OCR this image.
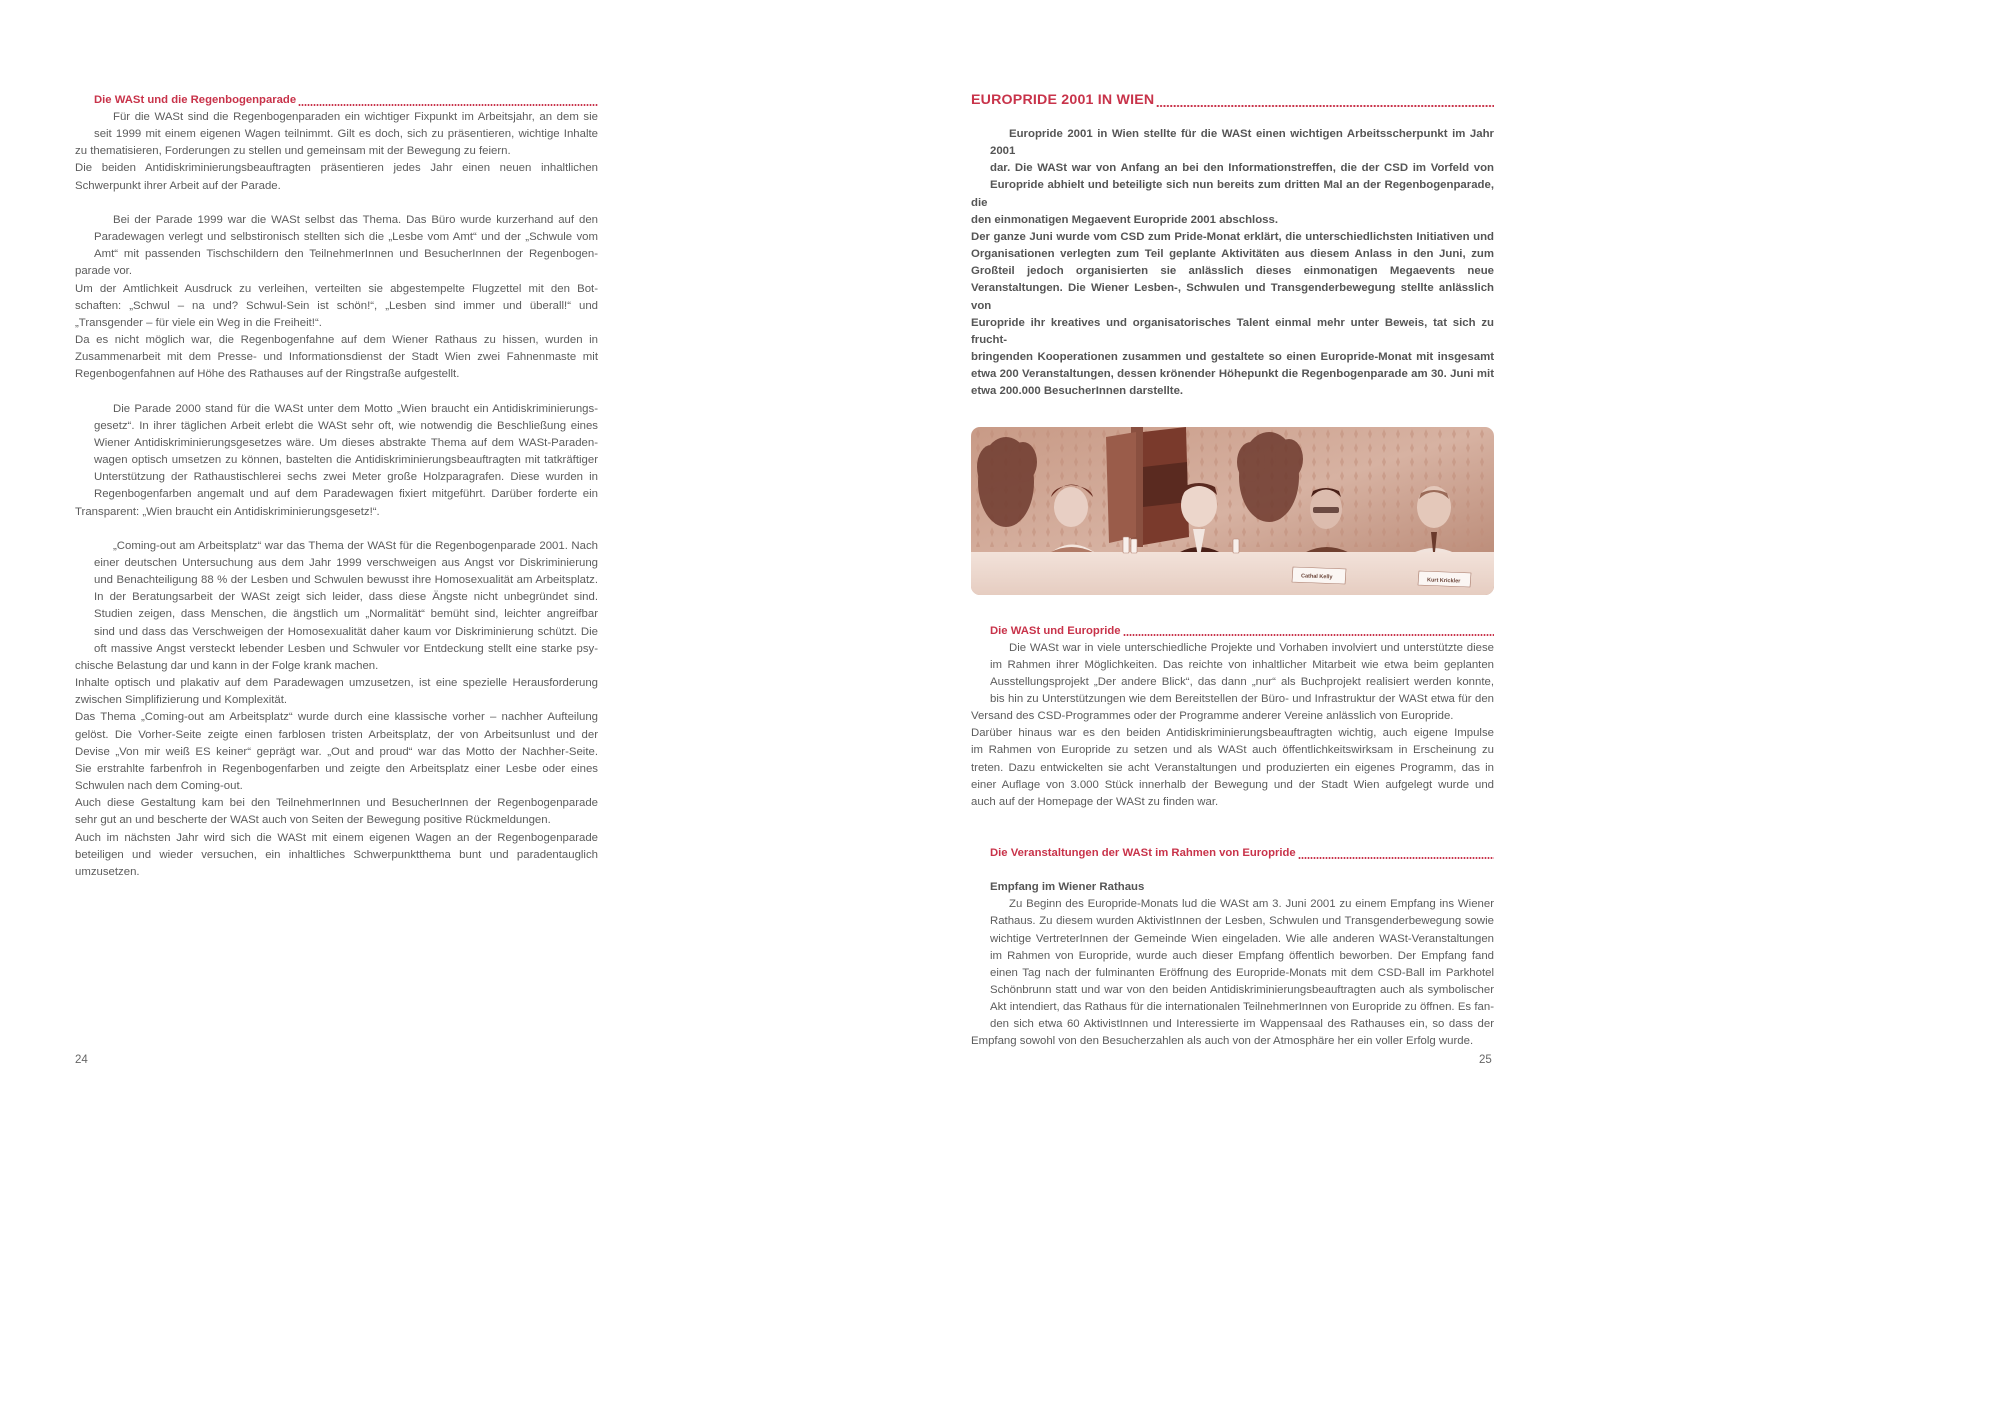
Die WASt und die Regenbogenparade

Für die WASt sind die Regenbogenparaden ein wichtiger Fixpunkt im Arbeitsjahr, an dem sie
seit 1999 mit einem eigenen Wagen teilnimmt. Gilt es doch, sich zu präsentieren, wichtige Inhalte
zu thematisieren, Forderungen zu stellen und gemeinsam mit der Bewegung zu feiern.

Die beiden Antidiskriminierungsbeauftragten präsentieren jedes Jahr einen neuen inhaltlichen
Schwerpunkt ihrer Arbeit auf der Parade.

Bei der Parade 1999 war die WASt selbst das Thema. Das Büro wurde kurzerhand auf den
Paradewagen verlegt und selbstironisch stellten sich die „Lesbe vom Amt“ und der „Schwule vom
Amt“ mit passenden Tischschildern den TeilnehmerInnen und BesucherInnen der Regenbogen-
parade vor.

Um der Amtlichkeit Ausdruck zu verleihen, verteilten sie abgestempelte Flugzettel mit den Bot-
schaften: „Schwul – na und? Schwul-Sein ist schön!“, „Lesben sind immer und überall!“ und
„Transgender – für viele ein Weg in die Freiheit!“.

Da es nicht möglich war, die Regenbogenfahne auf dem Wiener Rathaus zu hissen, wurden in
Zusammenarbeit mit dem Presse- und Informationsdienst der Stadt Wien zwei Fahnenmaste mit
Regenbogenfahnen auf Höhe des Rathauses auf der Ringstraße aufgestellt.

Die Parade 2000 stand für die WASt unter dem Motto „Wien braucht ein Antidiskriminierungs-
gesetz“. In ihrer täglichen Arbeit erlebt die WASt sehr oft, wie notwendig die Beschließung eines
Wiener Antidiskriminierungsgesetzes wäre. Um dieses abstrakte Thema auf dem WASt-Paraden-
wagen optisch umsetzen zu können, bastelten die Antidiskriminierungsbeauftragten mit tatkräftiger
Unterstützung der Rathaustischlerei sechs zwei Meter große Holzparagrafen. Diese wurden in
Regenbogenfarben angemalt und auf dem Paradewagen fixiert mitgeführt. Darüber forderte ein
Transparent: „Wien braucht ein Antidiskriminierungsgesetz!“.

„Coming-out am Arbeitsplatz“ war das Thema der WASt für die Regenbogenparade 2001. Nach
einer deutschen Untersuchung aus dem Jahr 1999 verschweigen aus Angst vor Diskriminierung
und Benachteiligung 88 % der Lesben und Schwulen bewusst ihre Homosexualität am Arbeitsplatz.
In der Beratungsarbeit der WASt zeigt sich leider, dass diese Ängste nicht unbegründet sind.
Studien zeigen, dass Menschen, die ängstlich um „Normalität“ bemüht sind, leichter angreifbar
sind und dass das Verschweigen der Homosexualität daher kaum vor Diskriminierung schützt. Die
oft massive Angst versteckt lebender Lesben und Schwuler vor Entdeckung stellt eine starke psy-
chische Belastung dar und kann in der Folge krank machen.

Inhalte optisch und plakativ auf dem Paradewagen umzusetzen, ist eine spezielle Herausforderung
zwischen Simplifizierung und Komplexität.

Das Thema „Coming-out am Arbeitsplatz“ wurde durch eine klassische vorher – nachher Aufteilung
gelöst. Die Vorher-Seite zeigte einen farblosen tristen Arbeitsplatz, der von Arbeitsunlust und der
Devise „Von mir weiß ES keiner“ geprägt war. „Out and proud“ war das Motto der Nachher-Seite.
Sie erstrahlte farbenfroh in Regenbogenfarben und zeigte den Arbeitsplatz einer Lesbe oder eines
Schwulen nach dem Coming-out.

Auch diese Gestaltung kam bei den TeilnehmerInnen und BesucherInnen der Regenbogenparade
sehr gut an und bescherte der WASt auch von Seiten der Bewegung positive Rückmeldungen.

Auch im nächsten Jahr wird sich die WASt mit einem eigenen Wagen an der Regenbogenparade
beteiligen und wieder versuchen, ein inhaltliches Schwerpunktthema bunt und paradentauglich
umzusetzen.

24
EUROPRIDE 2001 IN WIEN

Europride 2001 in Wien stellte für die WASt einen wichtigen Arbeitsscherpunkt im Jahr 2001
dar. Die WASt war von Anfang an bei den Informationstreffen, die der CSD im Vorfeld von
Europride abhielt und beteiligte sich nun bereits zum dritten Mal an der Regenbogenparade, die
den einmonatigen Megaevent Europride 2001 abschloss.

Der ganze Juni wurde vom CSD zum Pride-Monat erklärt, die unterschiedlichsten Initiativen und
Organisationen verlegten zum Teil geplante Aktivitäten aus diesem Anlass in den Juni, zum
Großteil jedoch organisierten sie anlässlich dieses einmonatigen Megaevents neue
Veranstaltungen. Die Wiener Lesben-, Schwulen und Transgenderbewegung stellte anlässlich von
Europride ihr kreatives und organisatorisches Talent einmal mehr unter Beweis, tat sich zu frucht-
bringenden Kooperationen zusammen und gestaltete so einen Europride-Monat mit insgesamt
etwa 200 Veranstaltungen, dessen krönender Höhepunkt die Regenbogenparade am 30. Juni mit
etwa 200.000 BesucherInnen darstellte.

Cathal Kelly
Kurt Krickler
Die WASt und Europride

Die WASt war in viele unterschiedliche Projekte und Vorhaben involviert und unterstützte diese
im Rahmen ihrer Möglichkeiten. Das reichte von inhaltlicher Mitarbeit wie etwa beim geplanten
Ausstellungsprojekt „Der andere Blick“, das dann „nur“ als Buchprojekt realisiert werden konnte,
bis hin zu Unterstützungen wie dem Bereitstellen der Büro- und Infrastruktur der WASt etwa für den
Versand des CSD-Programmes oder der Programme anderer Vereine anlässlich von Europride.

Darüber hinaus war es den beiden Antidiskriminierungsbeauftragten wichtig, auch eigene Impulse
im Rahmen von Europride zu setzen und als WASt auch öffentlichkeitswirksam in Erscheinung zu
treten. Dazu entwickelten sie acht Veranstaltungen und produzierten ein eigenes Programm, das in
einer Auflage von 3.000 Stück innerhalb der Bewegung und der Stadt Wien aufgelegt wurde und
auch auf der Homepage der WASt zu finden war.

Die Veranstaltungen der WASt im Rahmen von Europride
Empfang im Wiener Rathaus

Zu Beginn des Europride-Monats lud die WASt am 3. Juni 2001 zu einem Empfang ins Wiener
Rathaus. Zu diesem wurden AktivistInnen der Lesben, Schwulen und Transgenderbewegung sowie
wichtige VertreterInnen der Gemeinde Wien eingeladen. Wie alle anderen WASt-Veranstaltungen
im Rahmen von Europride, wurde auch dieser Empfang öffentlich beworben. Der Empfang fand
einen Tag nach der fulminanten Eröffnung des Europride-Monats mit dem CSD-Ball im Parkhotel
Schönbrunn statt und war von den beiden Antidiskriminierungsbeauftragten auch als symbolischer
Akt intendiert, das Rathaus für die internationalen TeilnehmerInnen von Europride zu öffnen. Es fan-
den sich etwa 60 AktivistInnen und Interessierte im Wappensaal des Rathauses ein, so dass der
Empfang sowohl von den Besucherzahlen als auch von der Atmosphäre her ein voller Erfolg wurde.

25
